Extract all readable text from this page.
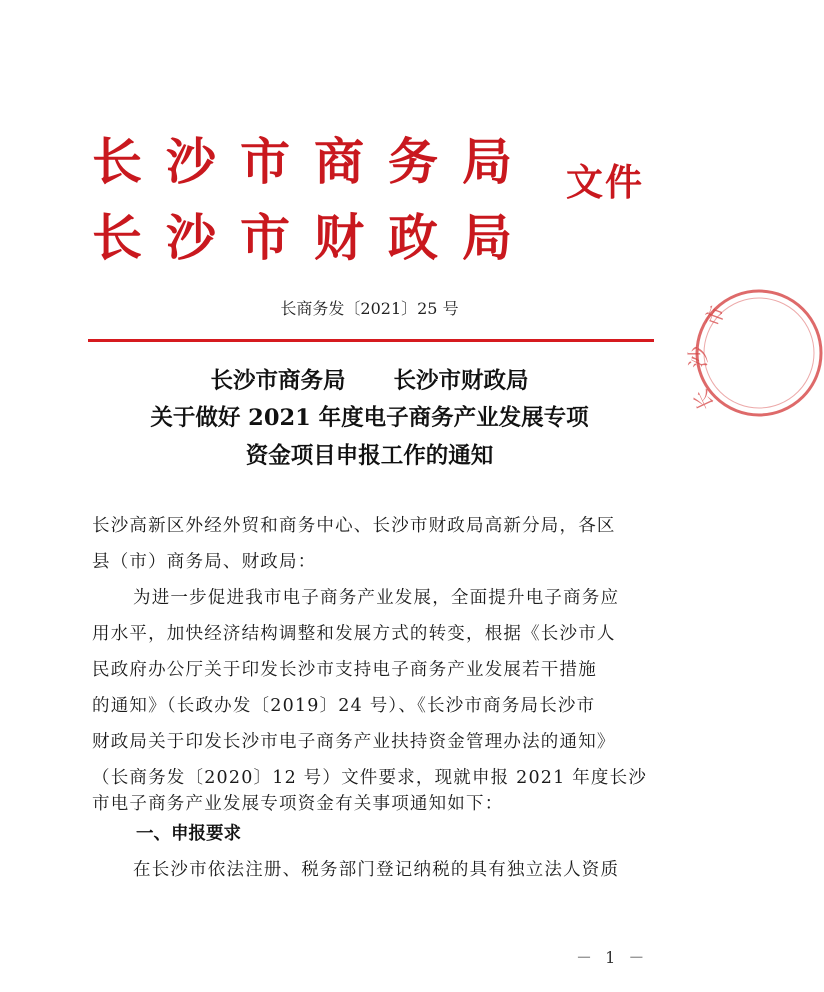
长沙市商务局
长沙市财政局
文件
市
沙
长
长商务发〔2021〕25 号
长沙市商务局 长沙市财政局
关于做好 2021 年度电子商务产业发展专项
资金项目申报工作的通知
长沙高新区外经外贸和商务中心、长沙市财政局高新分局，各区
县（市）商务局、财政局：
为进一步促进我市电子商务产业发展，全面提升电子商务应
用水平，加快经济结构调整和发展方式的转变，根据《长沙市人
民政府办公厅关于印发长沙市支持电子商务产业发展若干措施
的通知》（长政办发〔2019〕24 号）、《长沙市商务局长沙市
财政局关于印发长沙市电子商务产业扶持资金管理办法的通知》
（长商务发〔2020〕12 号）文件要求，现就申报 2021 年度长沙
市电子商务产业发展专项资金有关事项通知如下：
一、申报要求
在长沙市依法注册、税务部门登记纳税的具有独立法人资质
－ 1 －
